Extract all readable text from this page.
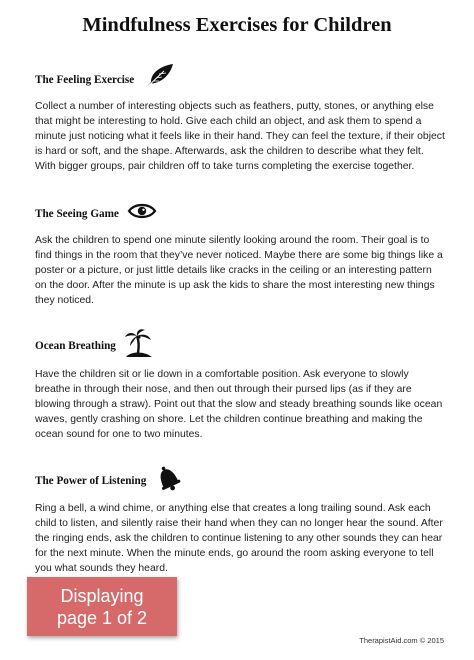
Mindfulness Exercises for Children
The Feeling Exercise

Collect a number of interesting objects such as feathers, putty, stones, or anything else that might be interesting to hold. Give each child an object, and ask them to spend a minute just noticing what it feels like in their hand. They can feel the texture, if their object is hard or soft, and the shape. Afterwards, ask the children to describe what they felt. With bigger groups, pair children off to take turns completing the exercise together.

The Seeing Game

Ask the children to spend one minute silently looking around the room. Their goal is to find things in the room that they’ve never noticed. Maybe there are some big things like a poster or a picture, or just little details like cracks in the ceiling or an interesting pattern on the door. After the minute is up ask the kids to share the most interesting new things they noticed.

Ocean Breathing

Have the children sit or lie down in a comfortable position. Ask everyone to slowly breathe in through their nose, and then out through their pursed lips (as if they are blowing through a straw). Point out that the slow and steady breathing sounds like ocean waves, gently crashing on shore. Let the children continue breathing and making the ocean sound for one to two minutes.

The Power of Listening

Ring a bell, a wind chime, or anything else that creates a long trailing sound. Ask each child to listen, and silently raise their hand when they can no longer hear the sound. After the ringing ends, ask the children to continue listening to any other sounds they can hear for the next minute. When the minute ends, go around the room asking everyone to tell you what sounds they heard.

Displaying
page 1 of 2
TherapistAid.com © 2015
